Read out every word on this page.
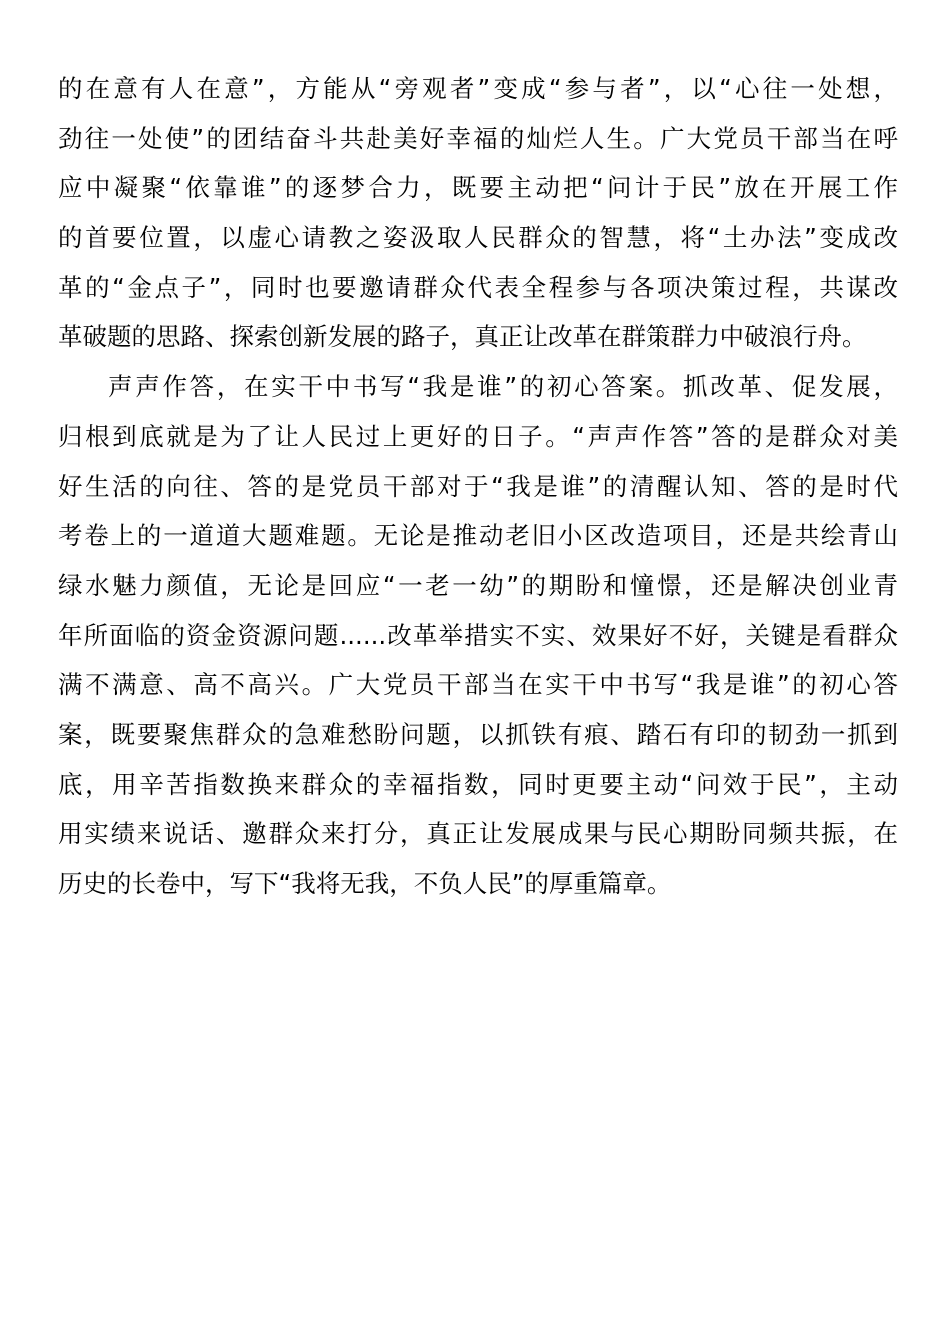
的在意有人在意”，方能从“旁观者”变成“参与者”，以“心往一处想，
劲往一处使”的团结奋斗共赴美好幸福的灿烂人生。广大党员干部当在呼
应中凝聚“依靠谁”的逐梦合力，既要主动把“问计于民”放在开展工作
的首要位置，以虚心请教之姿汲取人民群众的智慧，将“土办法”变成改
革的“金点子”，同时也要邀请群众代表全程参与各项决策过程，共谋改
革破题的思路、探索创新发展的路子，真正让改革在群策群力中破浪行舟。
声声作答，在实干中书写“我是谁”的初心答案。抓改革、促发展，
归根到底就是为了让人民过上更好的日子。“声声作答”答的是群众对美
好生活的向往、答的是党员干部对于“我是谁”的清醒认知、答的是时代
考卷上的一道道大题难题。无论是推动老旧小区改造项目，还是共绘青山
绿水魅力颜值，无论是回应“一老一幼”的期盼和憧憬，还是解决创业青
年所面临的资金资源问题......改革举措实不实、效果好不好，关键是看群众
满不满意、高不高兴。广大党员干部当在实干中书写“我是谁”的初心答
案，既要聚焦群众的急难愁盼问题，以抓铁有痕、踏石有印的韧劲一抓到
底，用辛苦指数换来群众的幸福指数，同时更要主动“问效于民”，主动
用实绩来说话、邀群众来打分，真正让发展成果与民心期盼同频共振，在
历史的长卷中，写下“我将无我，不负人民”的厚重篇章。
